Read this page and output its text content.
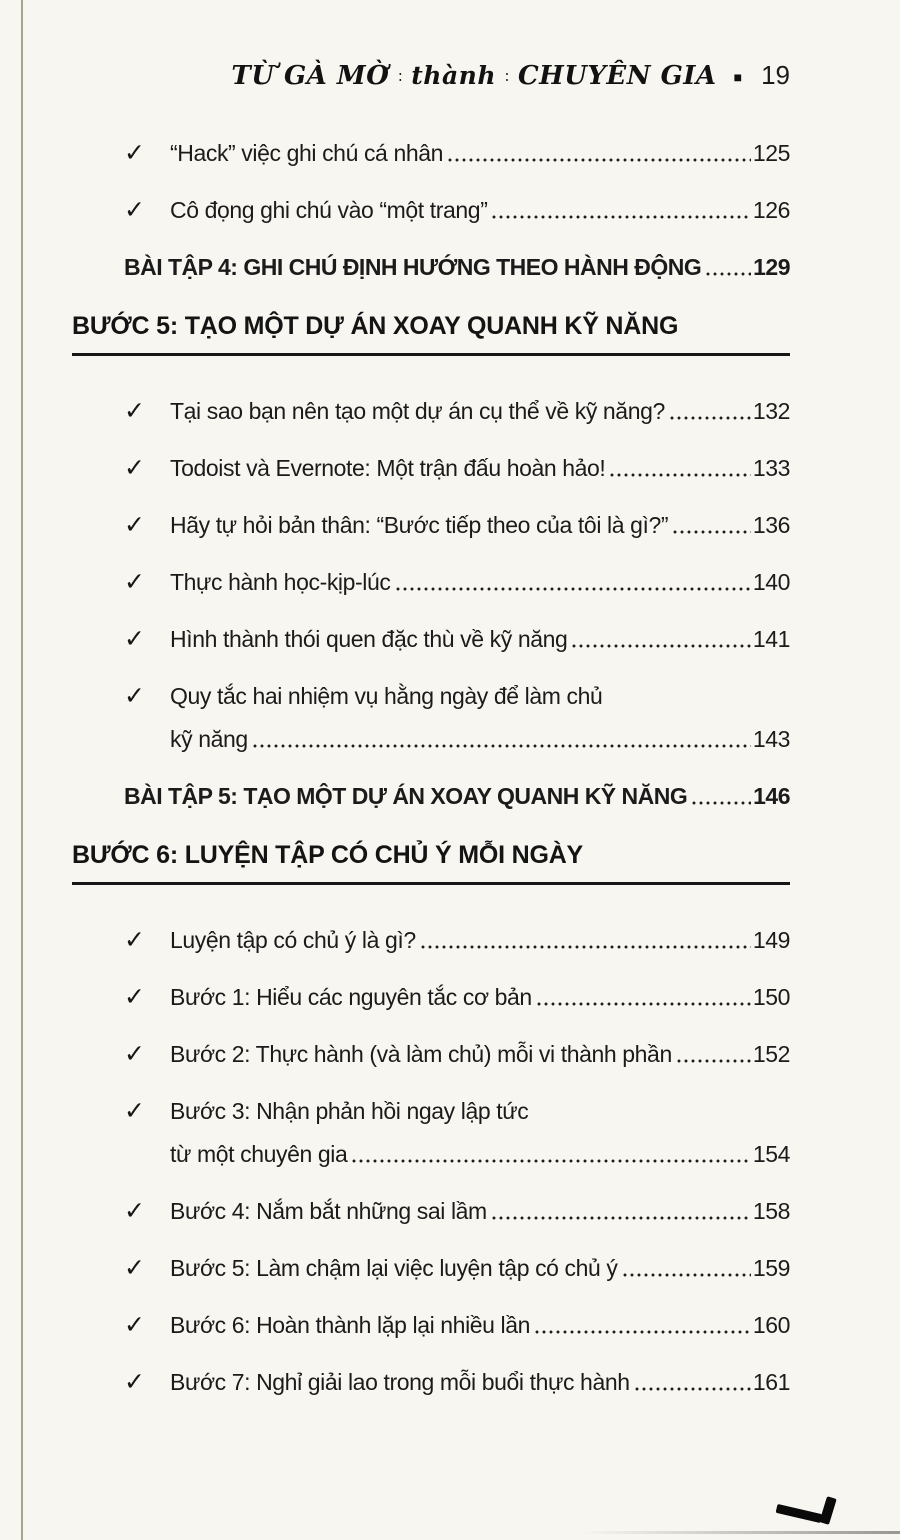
TỪ GÀ MỜ ∶ thành ∶ CHUYÊN GIA ■ 19
✓	“Hack” việc ghi chú cá nhân	125
✓	Cô đọng ghi chú vào “một trang”	126
BÀI TẬP 4: GHI CHÚ ĐỊNH HƯỚNG THEO HÀNH ĐỘNG 129
BƯỚC 5: TẠO MỘT DỰ ÁN XOAY QUANH KỸ NĂNG
✓	Tại sao bạn nên tạo một dự án cụ thể về kỹ năng?	132
✓	Todoist và Evernote: Một trận đấu hoàn hảo!	133
✓	Hãy tự hỏi bản thân: “Bước tiếp theo của tôi là gì?”	136
✓	Thực hành học-kịp-lúc	140
✓	Hình thành thói quen đặc thù về kỹ năng	141
✓	Quy tắc hai nhiệm vụ hằng ngày để làm chủ
kỹ năng	143
BÀI TẬP 5: TẠO MỘT DỰ ÁN XOAY QUANH KỸ NĂNG	146
BƯỚC 6: LUYỆN TẬP CÓ CHỦ Ý MỖI NGÀY
✓	Luyện tập có chủ ý là gì?	149
✓	Bước 1: Hiểu các nguyên tắc cơ bản	150
✓	Bước 2: Thực hành (và làm chủ) mỗi vi thành phần	152
✓	Bước 3: Nhận phản hồi ngay lập tức
từ một chuyên gia	154
✓	Bước 4: Nắm bắt những sai lầm	158
✓	Bước 5: Làm chậm lại việc luyện tập có chủ ý	159
✓	Bước 6: Hoàn thành lặp lại nhiều lần	160
✓	Bước 7: Nghỉ giải lao trong mỗi buổi thực hành	161
